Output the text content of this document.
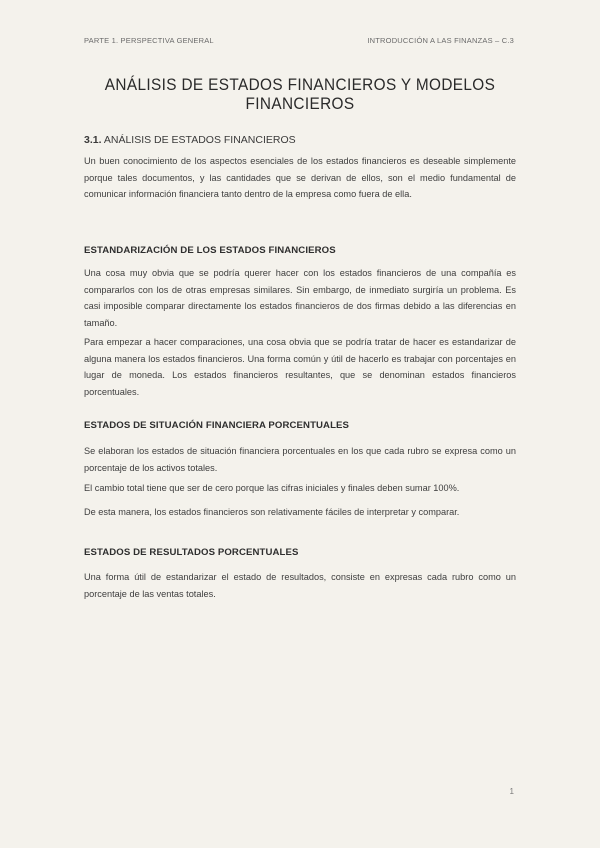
PARTE 1. PERSPECTIVA GENERAL	INTRODUCCIÓN A LAS FINANZAS – C.3
ANÁLISIS DE ESTADOS FINANCIEROS Y MODELOS FINANCIEROS
3.1. ANÁLISIS DE ESTADOS FINANCIEROS

Un buen conocimiento de los aspectos esenciales de los estados financieros es deseable simplemente porque tales documentos, y las cantidades que se derivan de ellos, son el medio fundamental de comunicar información financiera tanto dentro de la empresa como fuera de ella.

ESTANDARIZACIÓN DE LOS ESTADOS FINANCIEROS

Una cosa muy obvia que se podría querer hacer con los estados financieros de una compañía es compararlos con los de otras empresas similares. Sin embargo, de inmediato surgiría un problema. Es casi imposible comparar directamente los estados financieros de dos firmas debido a las diferencias en tamaño.

Para empezar a hacer comparaciones, una cosa obvia que se podría tratar de hacer es estandarizar de alguna manera los estados financieros. Una forma común y útil de hacerlo es trabajar con porcentajes en lugar de moneda. Los estados financieros resultantes, que se denominan estados financieros porcentuales.

ESTADOS DE SITUACIÓN FINANCIERA PORCENTUALES

Se elaboran los estados de situación financiera porcentuales en los que cada rubro se expresa como un porcentaje de los activos totales.

El cambio total tiene que ser de cero porque las cifras iniciales y finales deben sumar 100%.

De esta manera, los estados financieros son relativamente fáciles de interpretar y comparar.

ESTADOS DE RESULTADOS PORCENTUALES

Una forma útil de estandarizar el estado de resultados, consiste en expresas cada rubro como un porcentaje de las ventas totales.

1
